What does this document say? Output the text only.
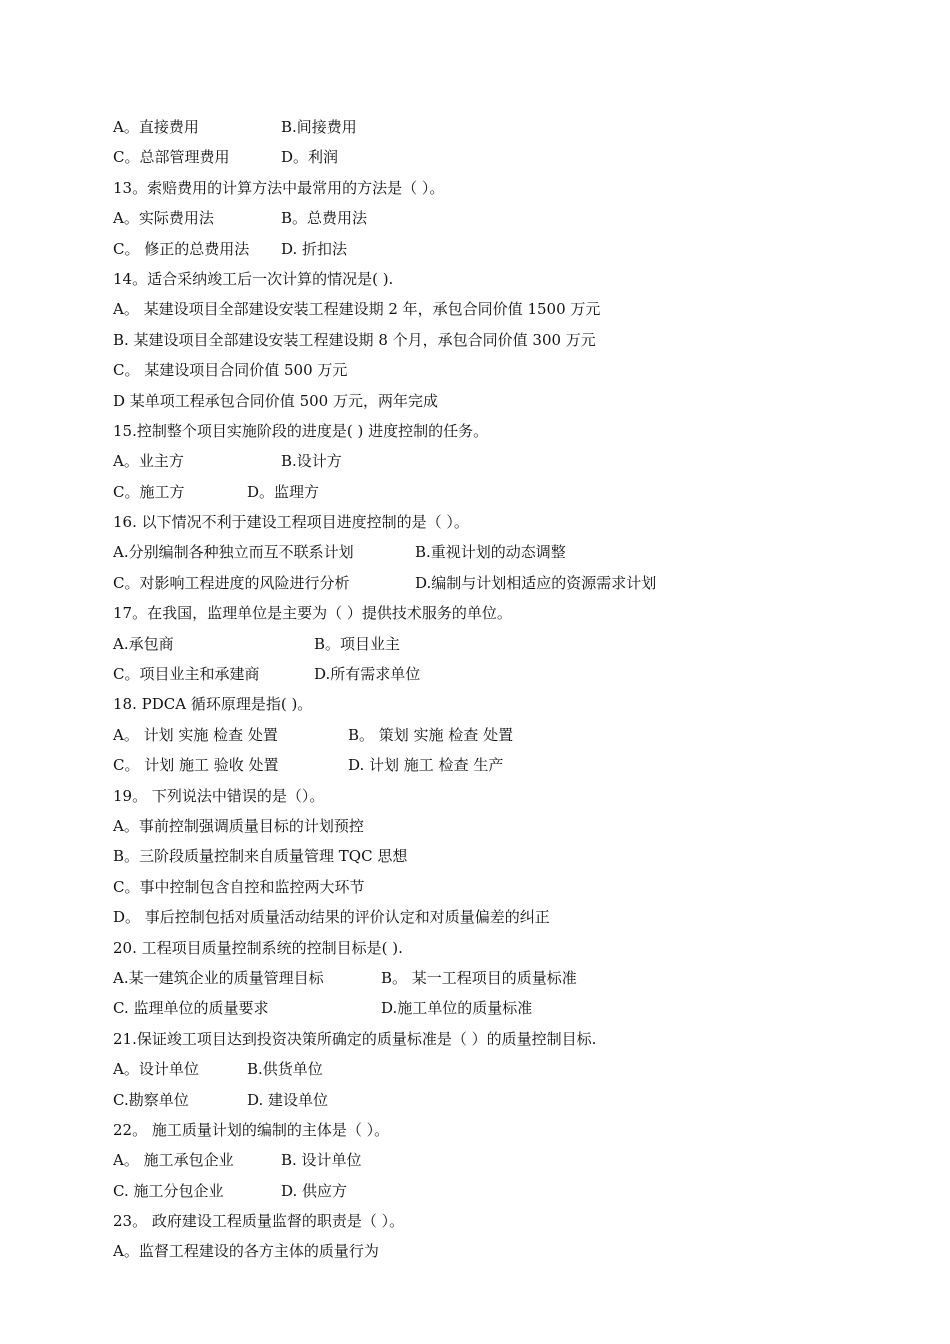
A。直接费用	B.间接费用
C。总部管理费用	D。利润
13。索赔费用的计算方法中最常用的方法是（ ）。
A。实际费用法	B。总费用法
C。 修正的总费用法 D. 折扣法
14。适合采纳竣工后一次计算的情况是( ).
A。 某建设项目全部建设安装工程建设期 2 年，承包合同价值 1500 万元
B. 某建设项目全部建设安装工程建设期 8 个月，承包合同价值 300 万元
C。 某建设项目合同价值 500 万元
D 某单项工程承包合同价值 500 万元，两年完成
15.控制整个项目实施阶段的进度是( ) 进度控制的任务。
A。业主方	B.设计方
C。施工方	D。监理方
16. 以下情况不利于建设工程项目进度控制的是（ ）。
A.分别编制各种独立而互不联系计划	B.重视计划的动态调整
C。对影响工程进度的风险进行分析	D.编制与计划相适应的资源需求计划
17。在我国，监理单位是主要为（ ）提供技术服务的单位。
A.承包商	B。项目业主
C。项目业主和承建商	D.所有需求单位
18. PDCA 循环原理是指( )。
A。 计划 实施 检查 处置	B。 策划 实施 检查 处置
C。 计划 施工 验收 处置	D. 计划 施工 检查 生产
19。 下列说法中错误的是（）。
A。事前控制强调质量目标的计划预控
B。三阶段质量控制来自质量管理 TQC 思想
C。事中控制包含自控和监控两大环节
D。 事后控制包括对质量活动结果的评价认定和对质量偏差的纠正
20. 工程项目质量控制系统的控制目标是( ).
A.某一建筑企业的质量管理目标	B。 某一工程项目的质量标准
C. 监理单位的质量要求	D.施工单位的质量标准
21.保证竣工项目达到投资决策所确定的质量标准是（ ）的质量控制目标.
A。设计单位	B.供货单位
C.勘察单位	D. 建设单位
22。 施工质量计划的编制的主体是（ ）。
A。 施工承包企业	B. 设计单位
C. 施工分包企业	D. 供应方
23。 政府建设工程质量监督的职责是（ ）。
A。监督工程建设的各方主体的质量行为
